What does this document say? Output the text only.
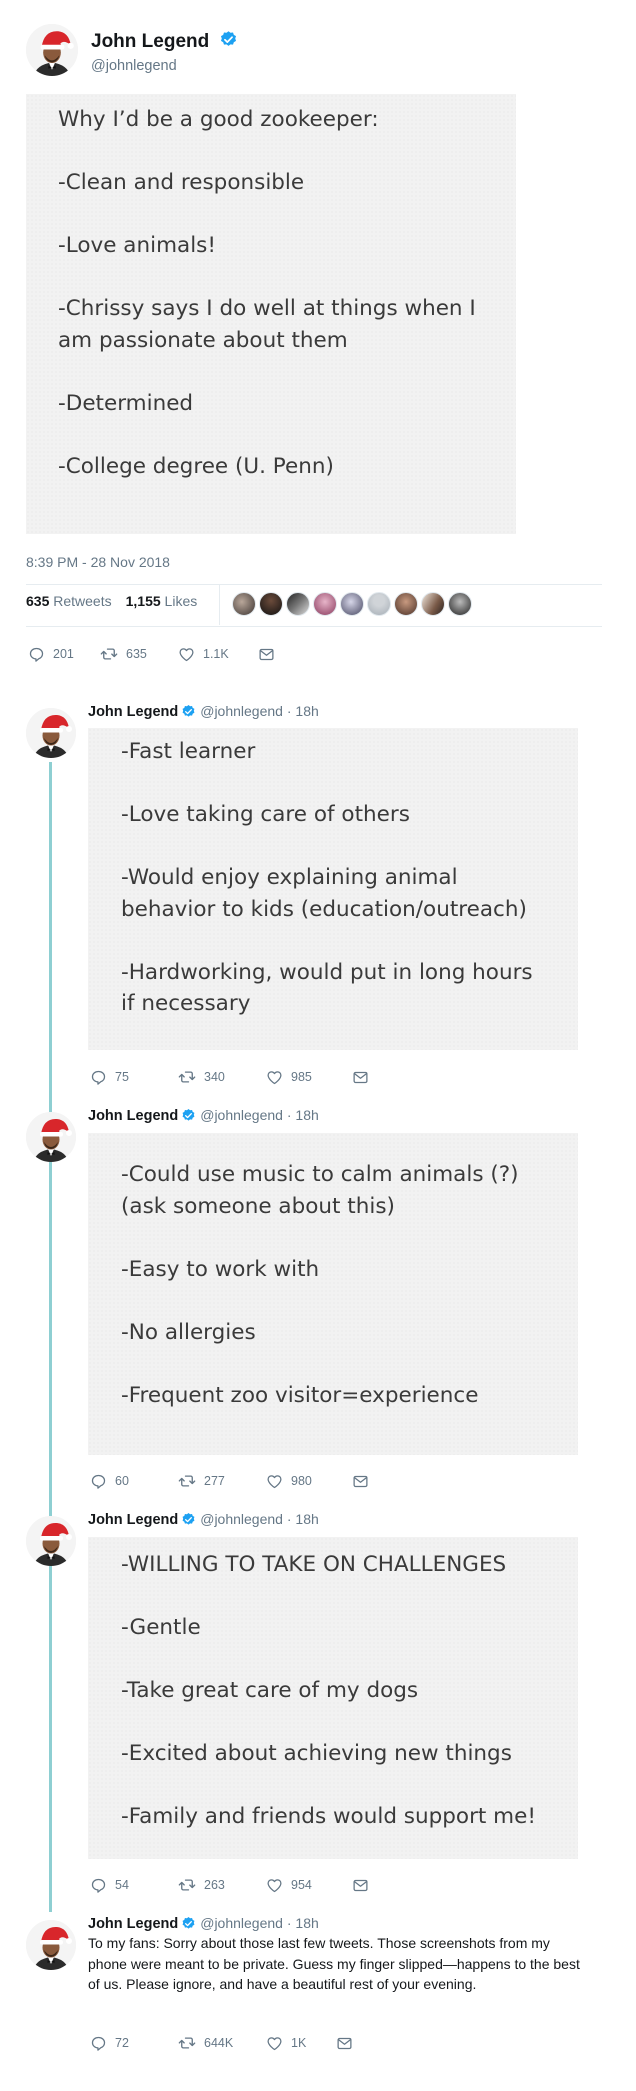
John Legend
@johnlegend
Why I’d be a good zookeeper:

-Clean and responsible

-Love animals!

-Chrissy says I do well at things when I am passionate about them

-Determined

-College degree (U. Penn)
8:39 PM - 28 Nov 2018
635 Retweets 1,155 Likes
201	635	1.1K
John Legend @johnlegend · 18h
-Fast learner

-Love taking care of others

-Would enjoy explaining animal behavior to kids (education/outreach)

-Hardworking, would put in long hours if necessary
75	340	985
John Legend @johnlegend · 18h
-Could use music to calm animals (?) (ask someone about this)

-Easy to work with

-No allergies

-Frequent zoo visitor=experience
60	277	980
John Legend @johnlegend · 18h
-WILLING TO TAKE ON CHALLENGES

-Gentle

-Take great care of my dogs

-Excited about achieving new things

-Family and friends would support me!
54	263	954
John Legend @johnlegend · 18h
To my fans: Sorry about those last few tweets. Those screenshots from my phone were meant to be private. Guess my finger slipped—happens to the best of us. Please ignore, and have a beautiful rest of your evening.
72	644K	1K
